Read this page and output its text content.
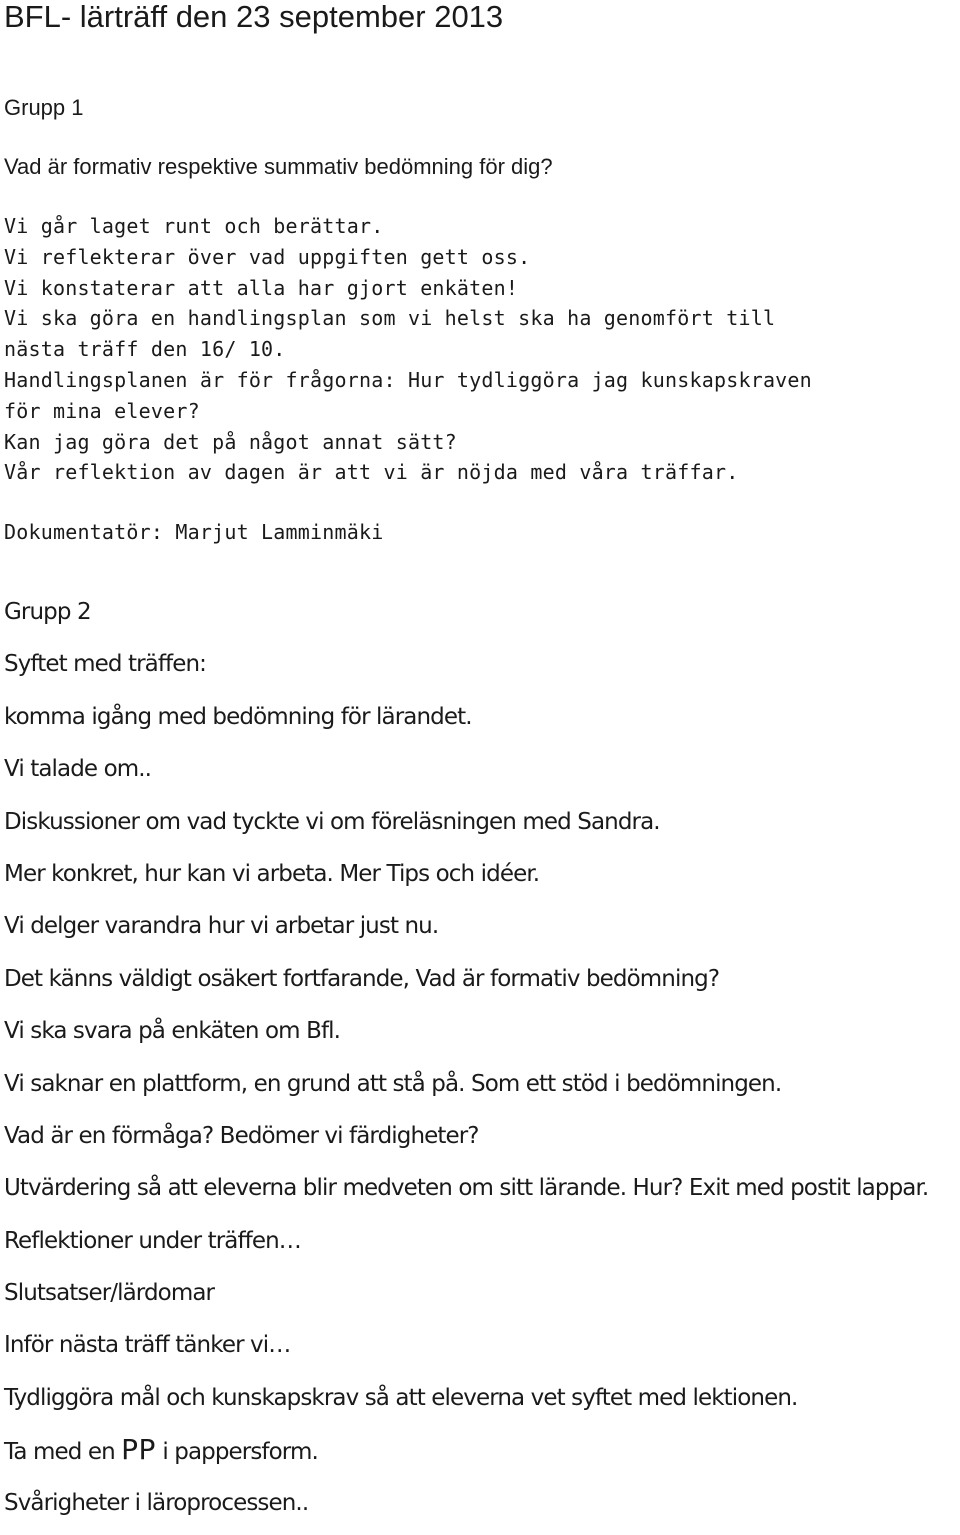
BFL- lärträff den 23 september 2013
Grupp 1
Vad är formativ respektive summativ bedömning för dig?
Vi går laget runt och berättar.
Vi reflekterar över vad uppgiften gett oss.
Vi konstaterar att alla har gjort enkäten!
Vi ska göra en handlingsplan som vi helst ska ha genomfört till
nästa träff den 16/ 10.
Handlingsplanen är för frågorna: Hur tydliggöra jag kunskapskraven
för mina elever?
Kan jag göra det på något annat sätt?
Vår reflektion av dagen är att vi är nöjda med våra träffar.
Dokumentatör: Marjut Lamminmäki
Grupp 2
Syftet med träffen:
komma igång med bedömning för lärandet.
Vi talade om..
Diskussioner om vad tyckte vi om föreläsningen med Sandra.
Mer konkret, hur kan vi arbeta. Mer Tips och idéer.
Vi delger varandra hur vi arbetar just nu.
Det känns väldigt osäkert fortfarande, Vad är formativ bedömning?
Vi ska svara på enkäten om Bfl.
Vi saknar en plattform, en grund att stå på. Som ett stöd i bedömningen.
Vad är en förmåga? Bedömer vi färdigheter?
Utvärdering så att eleverna blir medveten om sitt lärande. Hur? Exit med postit lappar.
Reflektioner under träffen…
Slutsatser/lärdomar
Inför nästa träff tänker vi…
Tydliggöra mål och kunskapskrav så att eleverna vet syftet med lektionen.
Ta med en PP i pappersform.
Svårigheter i läroprocessen..
